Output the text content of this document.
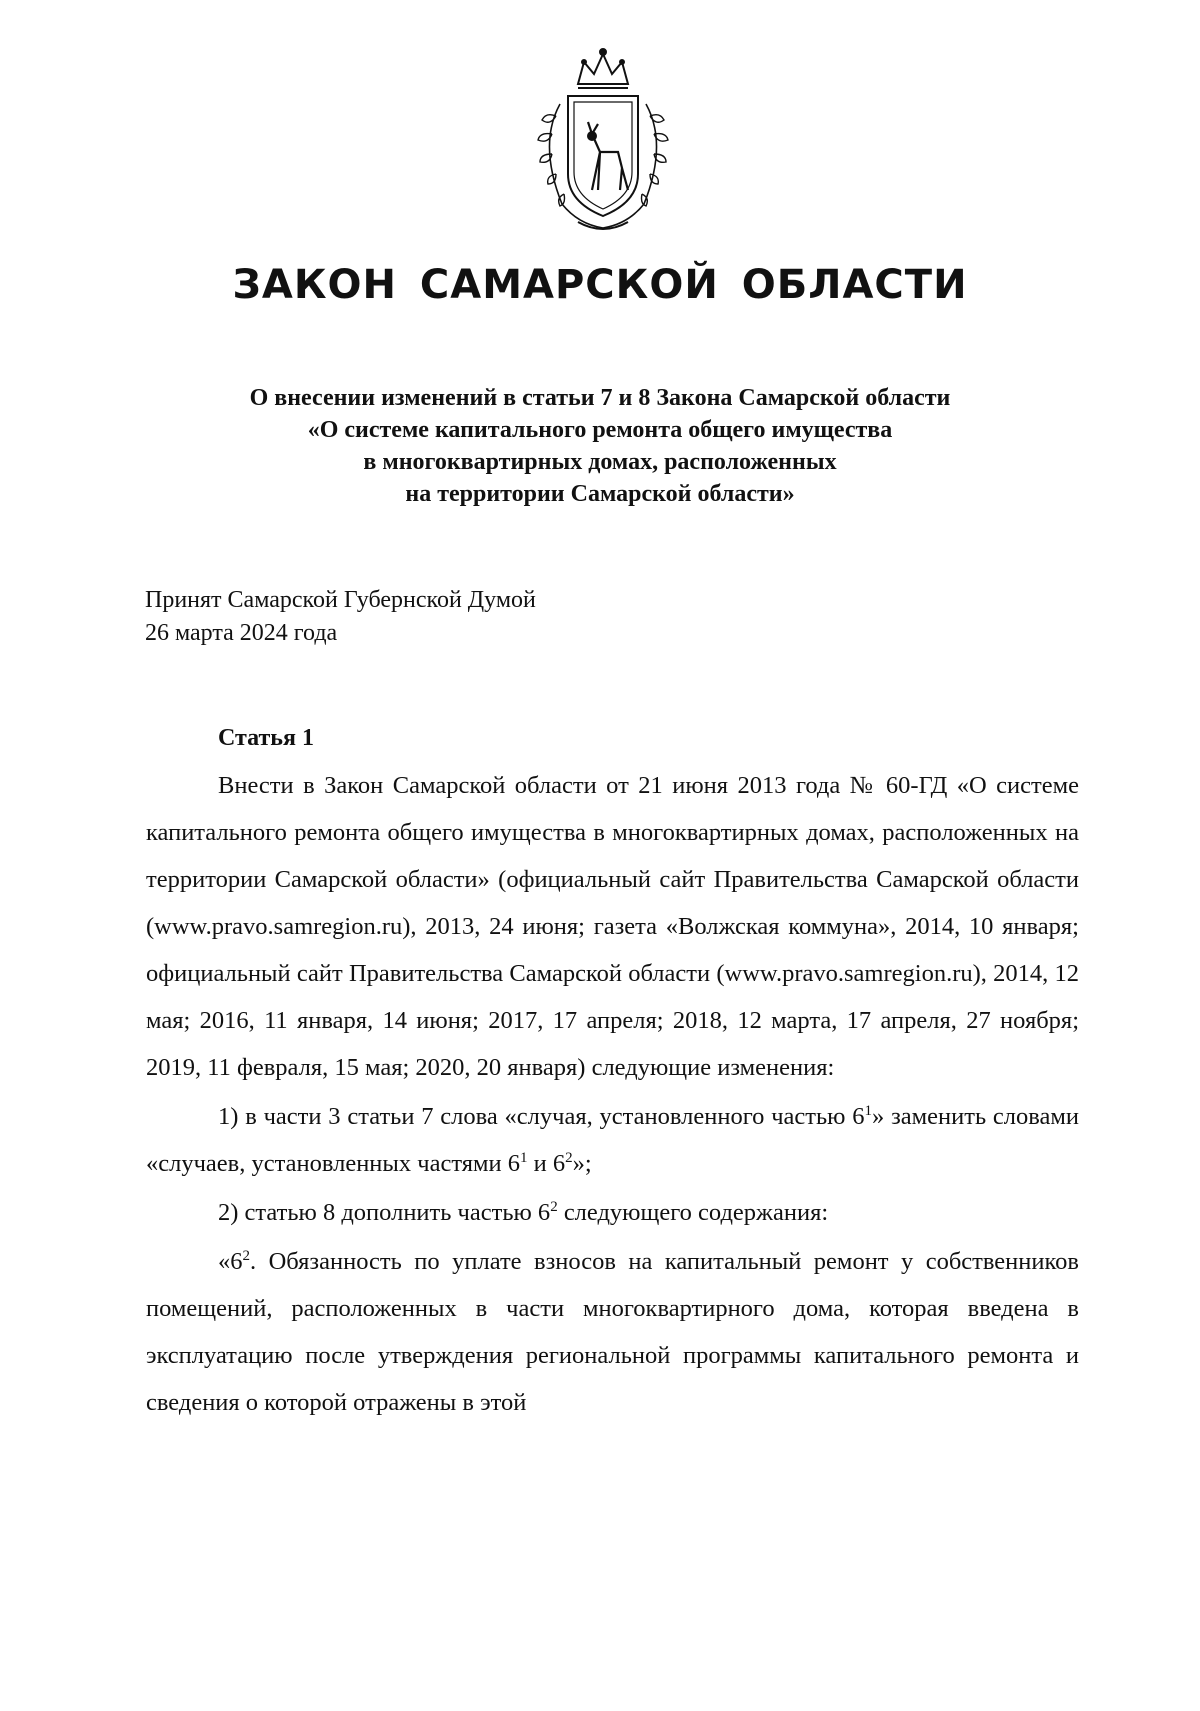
ЗАКОН САМАРСКОЙ ОБЛАСТИ
О внесении изменений в статьи 7 и 8 Закона Самарской области
«О системе капитального ремонта общего имущества
в многоквартирных домах, расположенных
на территории Самарской области»
Принят Самарской Губернской Думой
26 марта 2024 года
Статья 1

Внести в Закон Самарской области от 21 июня 2013 года № 60-ГД «О системе капитального ремонта общего имущества в многоквартирных домах, расположенных на территории Самарской области» (официальный сайт Правительства Самарской области (www.pravo.samregion.ru), 2013, 24 июня; газета «Волжская коммуна», 2014, 10 января; официальный сайт Правительства Самарской области (www.pravo.samregion.ru), 2014, 12 мая; 2016, 11 января, 14 июня; 2017, 17 апреля; 2018, 12 марта, 17 апреля, 27 ноября; 2019, 11 февраля, 15 мая; 2020, 20 января) следующие изменения:

1) в части 3 статьи 7 слова «случая, установленного частью $6^1$» заменить словами «случаев, установленных частями $6^1$ и $6^2$»;

2) статью 8 дополнить частью $6^2$ следующего содержания:

«$6^2$. Обязанность по уплате взносов на капитальный ремонт у собственников помещений, расположенных в части многоквартирного дома, которая введена в эксплуатацию после утверждения региональной программы капитального ремонта и сведения о которой отражены в этой
